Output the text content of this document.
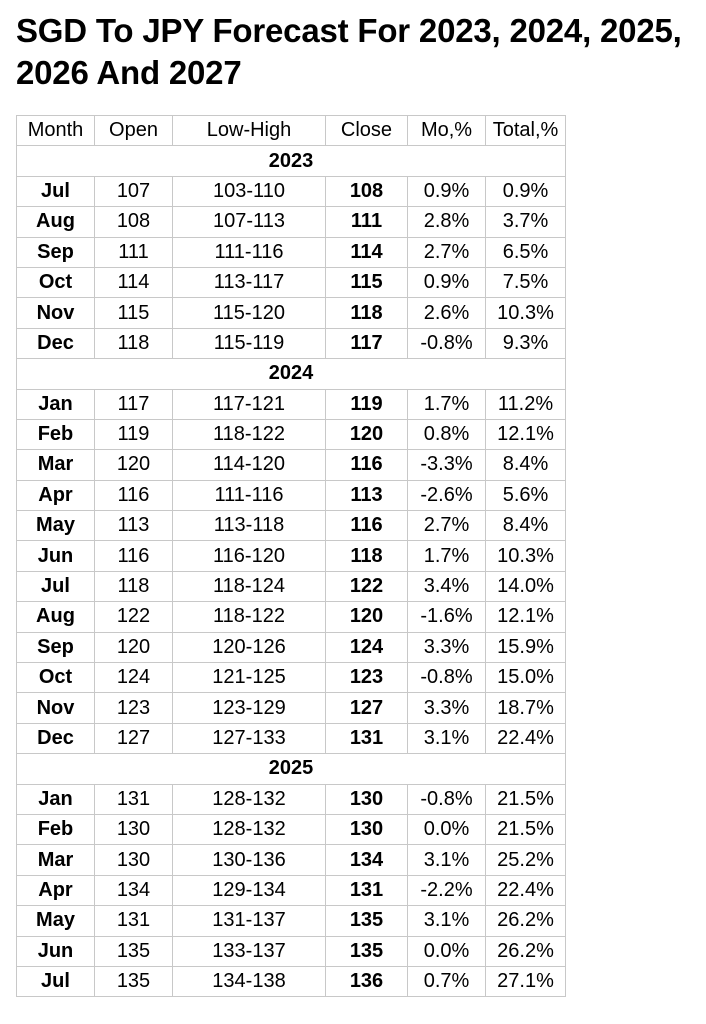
SGD To JPY Forecast For 2023, 2024, 2025, 2026 And 2027
Month	Open	Low-High	Close	Mo,%	Total,%
2023					
Jul	107	103-110	108	0.9%	0.9%
Aug	108	107-113	111	2.8%	3.7%
Sep	111	111-116	114	2.7%	6.5%
Oct	114	113-117	115	0.9%	7.5%
Nov	115	115-120	118	2.6%	10.3%
Dec	118	115-119	117	-0.8%	9.3%
2024					
Jan	117	117-121	119	1.7%	11.2%
Feb	119	118-122	120	0.8%	12.1%
Mar	120	114-120	116	-3.3%	8.4%
Apr	116	111-116	113	-2.6%	5.6%
May	113	113-118	116	2.7%	8.4%
Jun	116	116-120	118	1.7%	10.3%
Jul	118	118-124	122	3.4%	14.0%
Aug	122	118-122	120	-1.6%	12.1%
Sep	120	120-126	124	3.3%	15.9%
Oct	124	121-125	123	-0.8%	15.0%
Nov	123	123-129	127	3.3%	18.7%
Dec	127	127-133	131	3.1%	22.4%
2025					
Jan	131	128-132	130	-0.8%	21.5%
Feb	130	128-132	130	0.0%	21.5%
Mar	130	130-136	134	3.1%	25.2%
Apr	134	129-134	131	-2.2%	22.4%
May	131	131-137	135	3.1%	26.2%
Jun	135	133-137	135	0.0%	26.2%
Jul	135	134-138	136	0.7%	27.1%
